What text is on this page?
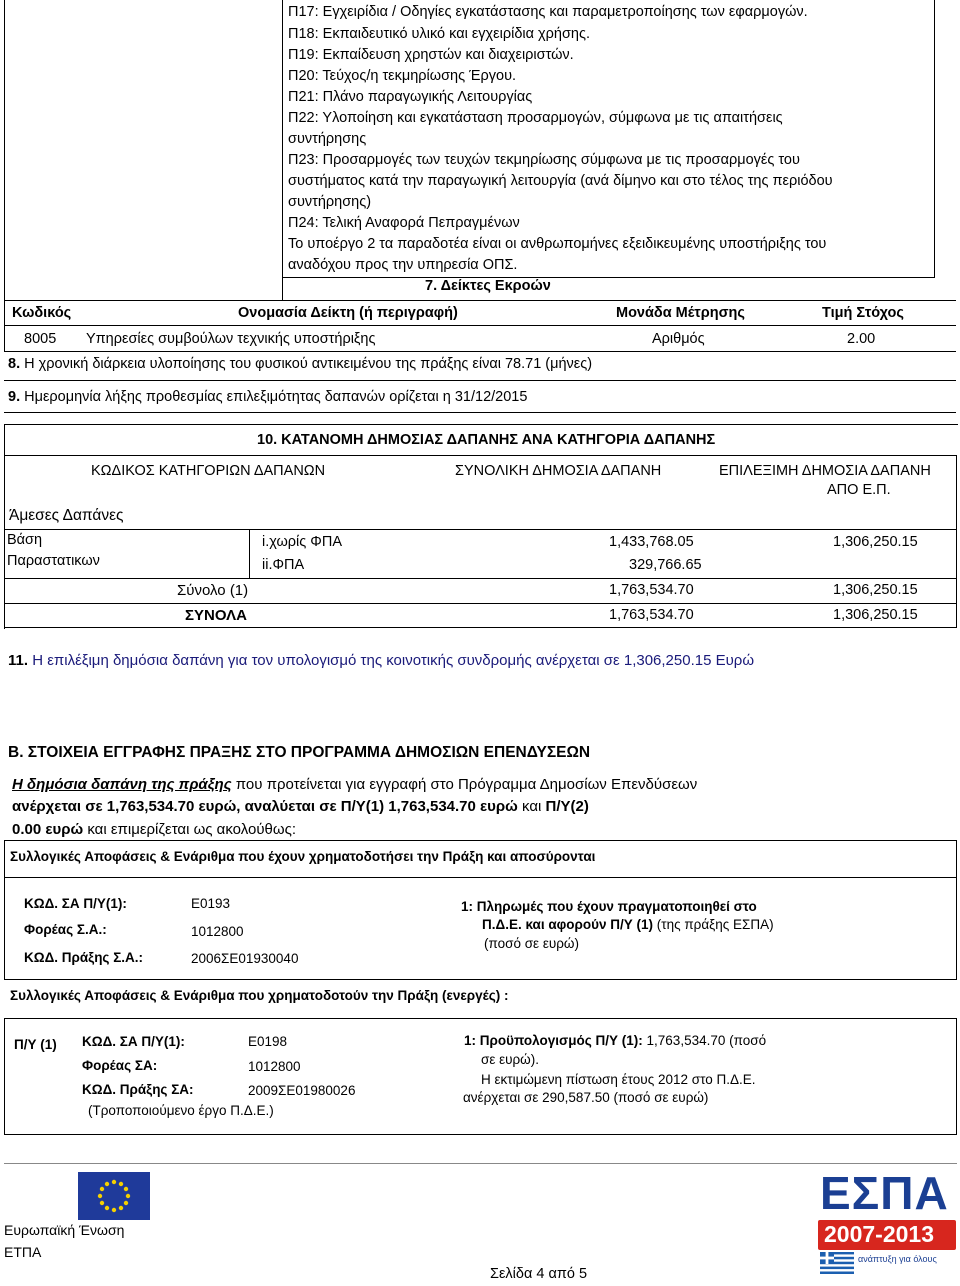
Π17: Εγχειρίδια / Οδηγίες εγκατάστασης και παραμετροποίησης των εφαρμογών.
Π18: Εκπαιδευτικό υλικό και εγχειρίδια χρήσης.
Π19: Εκπαίδευση χρηστών και διαχειριστών.
Π20: Τεύχος/η τεκμηρίωσης Έργου.
Π21: Πλάνο παραγωγικής Λειτουργίας
Π22: Υλοποίηση και εγκατάσταση προσαρμογών, σύμφωνα με τις απαιτήσεις
συντήρησης
Π23: Προσαρμογές των τευχών τεκμηρίωσης σύμφωνα με τις προσαρμογές του
συστήματος κατά την παραγωγική λειτουργία (ανά δίμηνο και στο τέλος της περιόδου
συντήρησης)
Π24: Τελική Αναφορά Πεπραγμένων
Το υποέργο 2 τα παραδοτέα είναι οι ανθρωπομήνες εξειδικευμένης υποστήριξης του
αναδόχου προς την υπηρεσία ΟΠΣ.
7. Δείκτες Εκροών
Κωδικός	Ονομασία Δείκτη (ή περιγραφή)	Μονάδα Μέτρησης	Τιμή Στόχος
8005 Υπηρεσίες συμβούλων τεχνικής υποστήριξης	Αριθμός	2.00
8. Η χρονική διάρκεια υλοποίησης του φυσικού αντικειμένου της πράξης είναι 78.71 (μήνες)
9. Ημερομηνία λήξης προθεσμίας επιλεξιμότητας δαπανών ορίζεται η 31/12/2015
10. ΚΑΤΑΝΟΜΗ ΔΗΜΟΣΙΑΣ ΔΑΠΑΝΗΣ ΑΝΑ ΚΑΤΗΓΟΡΙΑ ΔΑΠΑΝΗΣ
ΚΩΔΙΚΟΣ ΚΑΤΗΓΟΡΙΩΝ ΔΑΠΑΝΩΝ	ΣΥΝΟΛΙΚΗ ΔΗΜΟΣΙΑ ΔΑΠΑΝΗ	ΕΠΙΛΕΞΙΜΗ ΔΗΜΟΣΙΑ ΔΑΠΑΝΗ
ΑΠΟ Ε.Π.
Άμεσες Δαπάνες
Βάση
Παραστατικων
i.χωρίς ΦΠΑ	1,433,768.05	1,306,250.15
ii.ΦΠΑ	329,766.65
Σύνολο (1)	1,763,534.70	1,306,250.15
ΣΥΝΟΛΑ	1,763,534.70	1,306,250.15
11. Η επιλέξιμη δημόσια δαπάνη για τον υπολογισμό της κοινοτικής συνδρομής ανέρχεται σε 1,306,250.15 Ευρώ
Β. ΣΤΟΙΧΕΙΑ ΕΓΓΡΑΦΗΣ ΠΡΑΞΗΣ ΣΤΟ ΠΡΟΓΡΑΜΜΑ ΔΗΜΟΣΙΩΝ ΕΠΕΝΔΥΣΕΩΝ
Η δημόσια δαπάνη της πράξης που προτείνεται για εγγραφή στο Πρόγραμμα Δημοσίων Επενδύσεων
ανέρχεται σε 1,763,534.70 ευρώ, αναλύεται σε Π/Υ(1) 1,763,534.70 ευρώ και Π/Υ(2)
0.00 ευρώ και επιμερίζεται ως ακολούθως:
Συλλογικές Αποφάσεις & Ενάριθμα που έχουν χρηματοδοτήσει την Πράξη και αποσύρονται
ΚΩΔ. ΣΑ Π/Υ(1):	Ε0193
Φορέας Σ.Α.:	1012800
ΚΩΔ. Πράξης Σ.Α.:	2006ΣΕ01930040
1: Πληρωμές που έχουν πραγματοποιηθεί στο
Π.Δ.Ε. και αφορούν Π/Υ (1) (της πράξης ΕΣΠΑ)
(ποσό σε ευρώ)
Συλλογικές Αποφάσεις & Ενάριθμα που χρηματοδοτούν την Πράξη (ενεργές) :
Π/Υ (1) ΚΩΔ. ΣΑ Π/Υ(1):	Ε0198
Φορέας ΣΑ:	1012800
ΚΩΔ. Πράξης ΣΑ:	2009ΣΕ01980026
(Τροποποιούμενο έργο Π.Δ.Ε.)
1: Προϋπολογισμός Π/Υ (1): 1,763,534.70 (ποσό
σε ευρώ).
Η εκτιμώμενη πίστωση έτους 2012 στο Π.Δ.Ε.
ανέρχεται σε 290,587.50 (ποσό σε ευρώ)
Ευρωπαϊκή Ένωση
ΕΤΠΑ
ΕΣΠΑ
2007-2013
ανάπτυξη για όλους
Σελίδα 4 από 5
